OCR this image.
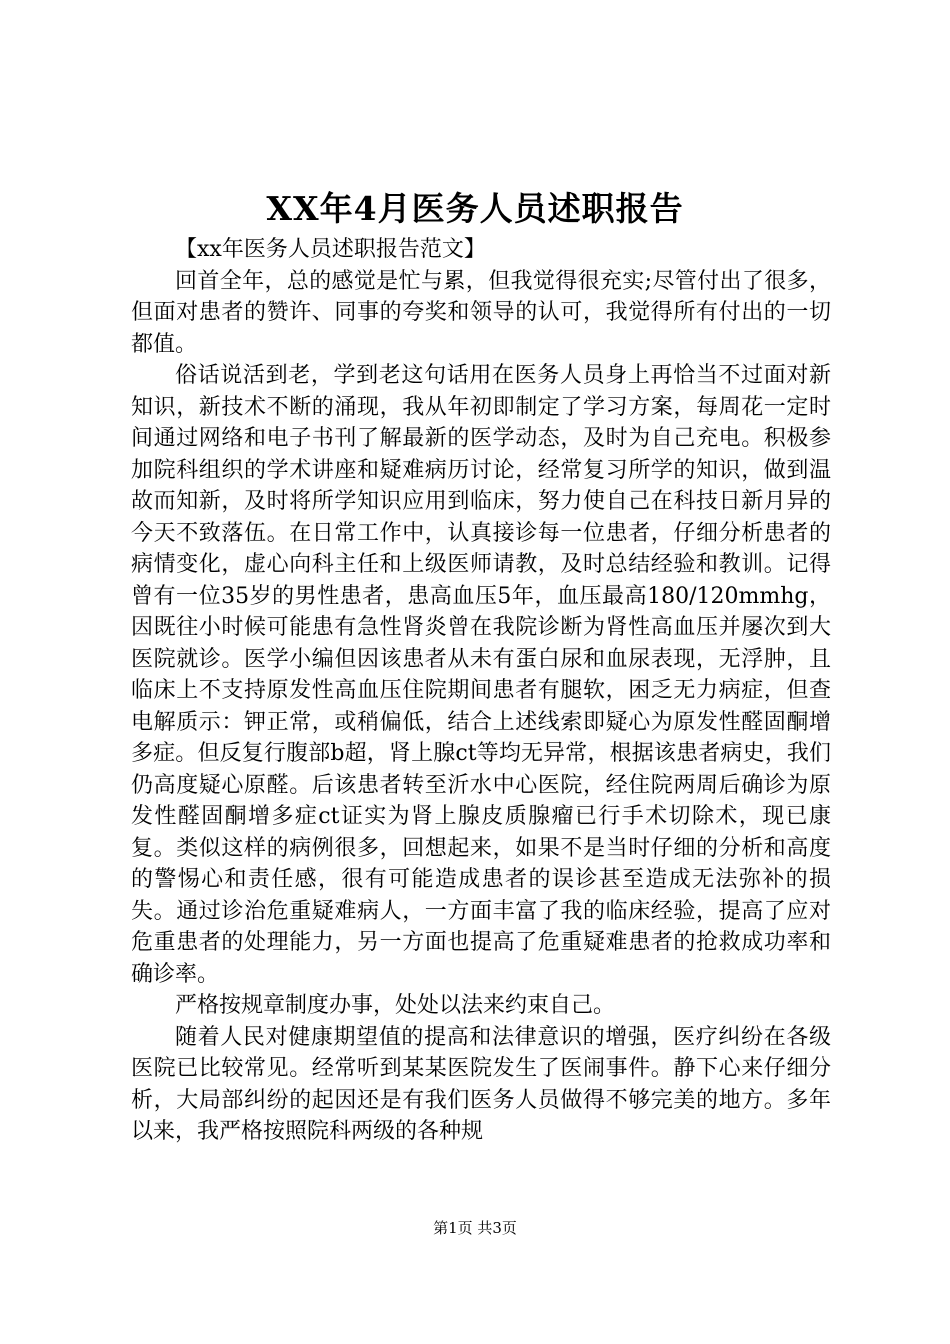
XX年4月医务人员述职报告

【xx年医务人员述职报告范文】

回首全年，总的感觉是忙与累，但我觉得很充实;尽管付出了很多，但面对患者的赞许、同事的夸奖和领导的认可，我觉得所有付出的一切都值。

俗话说活到老，学到老这句话用在医务人员身上再恰当不过面对新知识，新技术不断的涌现，我从年初即制定了学习方案，每周花一定时间通过网络和电子书刊了解最新的医学动态，及时为自己充电。积极参加院科组织的学术讲座和疑难病历讨论，经常复习所学的知识，做到温故而知新，及时将所学知识应用到临床，努力使自己在科技日新月异的今天不致落伍。在日常工作中，认真接诊每一位患者，仔细分析患者的病情变化，虚心向科主任和上级医师请教，及时总结经验和教训。记得曾有一位35岁的男性患者，患高血压5年，血压最高180/120mmhg，因既往小时候可能患有急性肾炎曾在我院诊断为肾性高血压并屡次到大医院就诊。医学小编但因该患者从未有蛋白尿和血尿表现，无浮肿，且临床上不支持原发性高血压住院期间患者有腿软，困乏无力病症，但查电解质示：钾正常，或稍偏低，结合上述线索即疑心为原发性醛固酮增多症。但反复行腹部b超，肾上腺ct等均无异常，根据该患者病史，我们仍高度疑心原醛。后该患者转至沂水中心医院，经住院两周后确诊为原发性醛固酮增多症ct证实为肾上腺皮质腺瘤已行手术切除术，现已康复。类似这样的病例很多，回想起来，如果不是当时仔细的分析和高度的警惕心和责任感，很有可能造成患者的误诊甚至造成无法弥补的损失。通过诊治危重疑难病人，一方面丰富了我的临床经验，提高了应对危重患者的处理能力，另一方面也提高了危重疑难患者的抢救成功率和确诊率。

严格按规章制度办事，处处以法来约束自己。

随着人民对健康期望值的提高和法律意识的增强，医疗纠纷在各级医院已比较常见。经常听到某某医院发生了医闹事件。静下心来仔细分析，大局部纠纷的起因还是有我们医务人员做得不够完美的地方。多年以来，我严格按照院科两级的各种规

第1页 共3页
